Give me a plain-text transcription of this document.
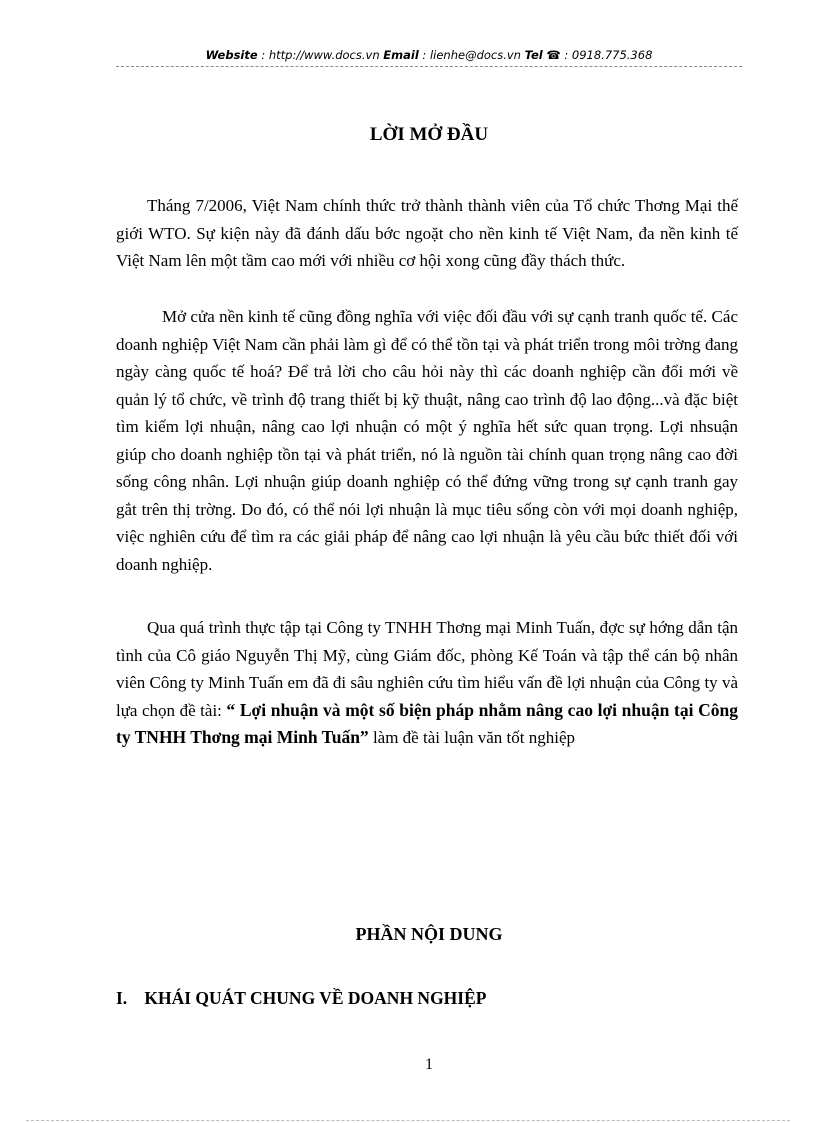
Website : http://www.docs.vn Email : lienhe@docs.vn Tel ☎ : 0918.775.368
LỜI MỞ ĐẦU

Tháng 7/2006, Việt Nam chính thức trở thành thành viên của Tổ chức Thơng Mại thế giới WTO. Sự kiện này đã đánh dấu bớc ngoặt cho nền kinh tế Việt Nam, đa nền kinh tế Việt Nam lên một tầm cao mới với nhiều cơ hội xong cũng đầy thách thức.

Mở cửa nền kinh tế cũng đồng nghĩa với việc đối đầu với sự cạnh tranh quốc tế. Các doanh nghiệp Việt Nam cần phải làm gì để có thể tồn tại và phát triển trong môi trờng đang ngày càng quốc tế hoá? Để trả lời cho câu hỏi này thì các doanh nghiệp cần đổi mới về quản lý tổ chức, về trình độ trang thiết bị kỹ thuật, nâng cao trình độ lao động...và đặc biệt tìm kiếm lợi nhuận, nâng cao lợi nhuận có một ý nghĩa hết sức quan trọng. Lợi nhsuận giúp cho doanh nghiệp tồn tại và phát triển, nó là nguồn tài chính quan trọng nâng cao đời sống công nhân. Lợi nhuận giúp doanh nghiệp có thể đứng vững trong sự cạnh tranh gay gắt trên thị trờng. Do đó, có thể nói lợi nhuận là mục tiêu sống còn với mọi doanh nghiệp, việc nghiên cứu để tìm ra các giải pháp để nâng cao lợi nhuận là yêu cầu bức thiết đối với doanh nghiệp.

Qua quá trình thực tập tại Công ty TNHH Thơng mại Minh Tuấn, đợc sự hớng dẫn tận tình của Cô giáo Nguyễn Thị Mỹ, cùng Giám đốc, phòng Kế Toán và tập thể cán bộ nhân viên Công ty Minh Tuấn em đã đi sâu nghiên cứu tìm hiểu vấn đề lợi nhuận của Công ty và lựa chọn đề tài: “ Lợi nhuận và một số biện pháp nhằm nâng cao lợi nhuận tại Công ty TNHH Thơng mại Minh Tuấn” làm đề tài luận văn tốt nghiệp

PHẦN NỘI DUNG
I. KHÁI QUÁT CHUNG VỀ DOANH NGHIỆP
1
